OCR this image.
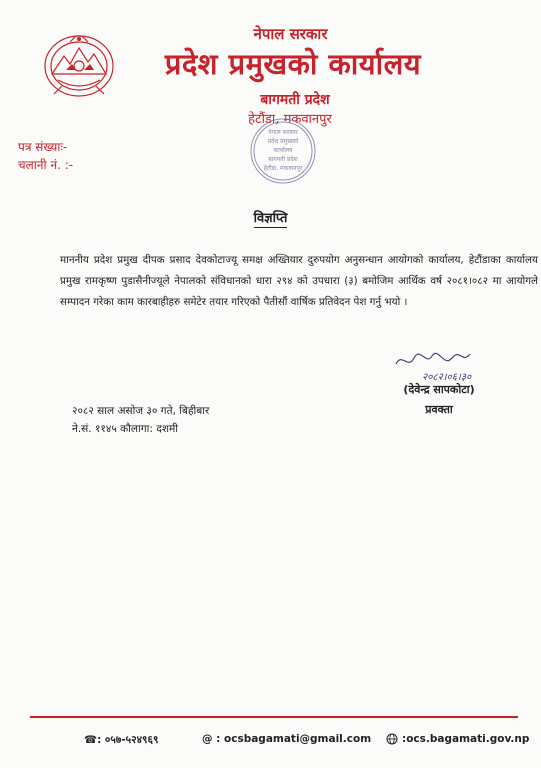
नेपाल सरकार
प्रदेश प्रमुखको कार्यालय
बागमती प्रदेश
हेटौंडा, मकवानपुर
नेपाल सरकार
प्रदेश प्रमुखको
कार्यालय
बागमती प्रदेश
हेटौंडा, मकवानपुर
पत्र संख्याः-
चलानी नं. :-
विज्ञप्ति
माननीय प्रदेश प्रमुख दीपक प्रसाद देवकोटाज्यू समक्ष अख्तियार दुरुपयोग अनुसन्धान आयोगको कार्यालय, हेटौंडाका कार्यालय प्रमुख रामकृष्ण पुडासैनीज्यूले नेपालको संविधानको धारा २९४ को उपधारा (३) बमोजिम आर्थिक वर्ष २०८१।०८२ मा आयोगले सम्पादन गरेका काम कारबाहीहरु समेटेर तयार गरिएको पैतीसौं वार्षिक प्रतिवेदन पेश गर्नु भयो ।
२०८२।०६।३०
(देवेन्द्र सापकोटा)
प्रवक्ता
२०८२ साल असोज ३० गते, बिहीबार
ने.सं. ११४५ कौलागा: दशमी
☎: ०५७-५२४९६९	@ : ocsbagamati@gmail.com	:ocs.bagamati.gov.np
